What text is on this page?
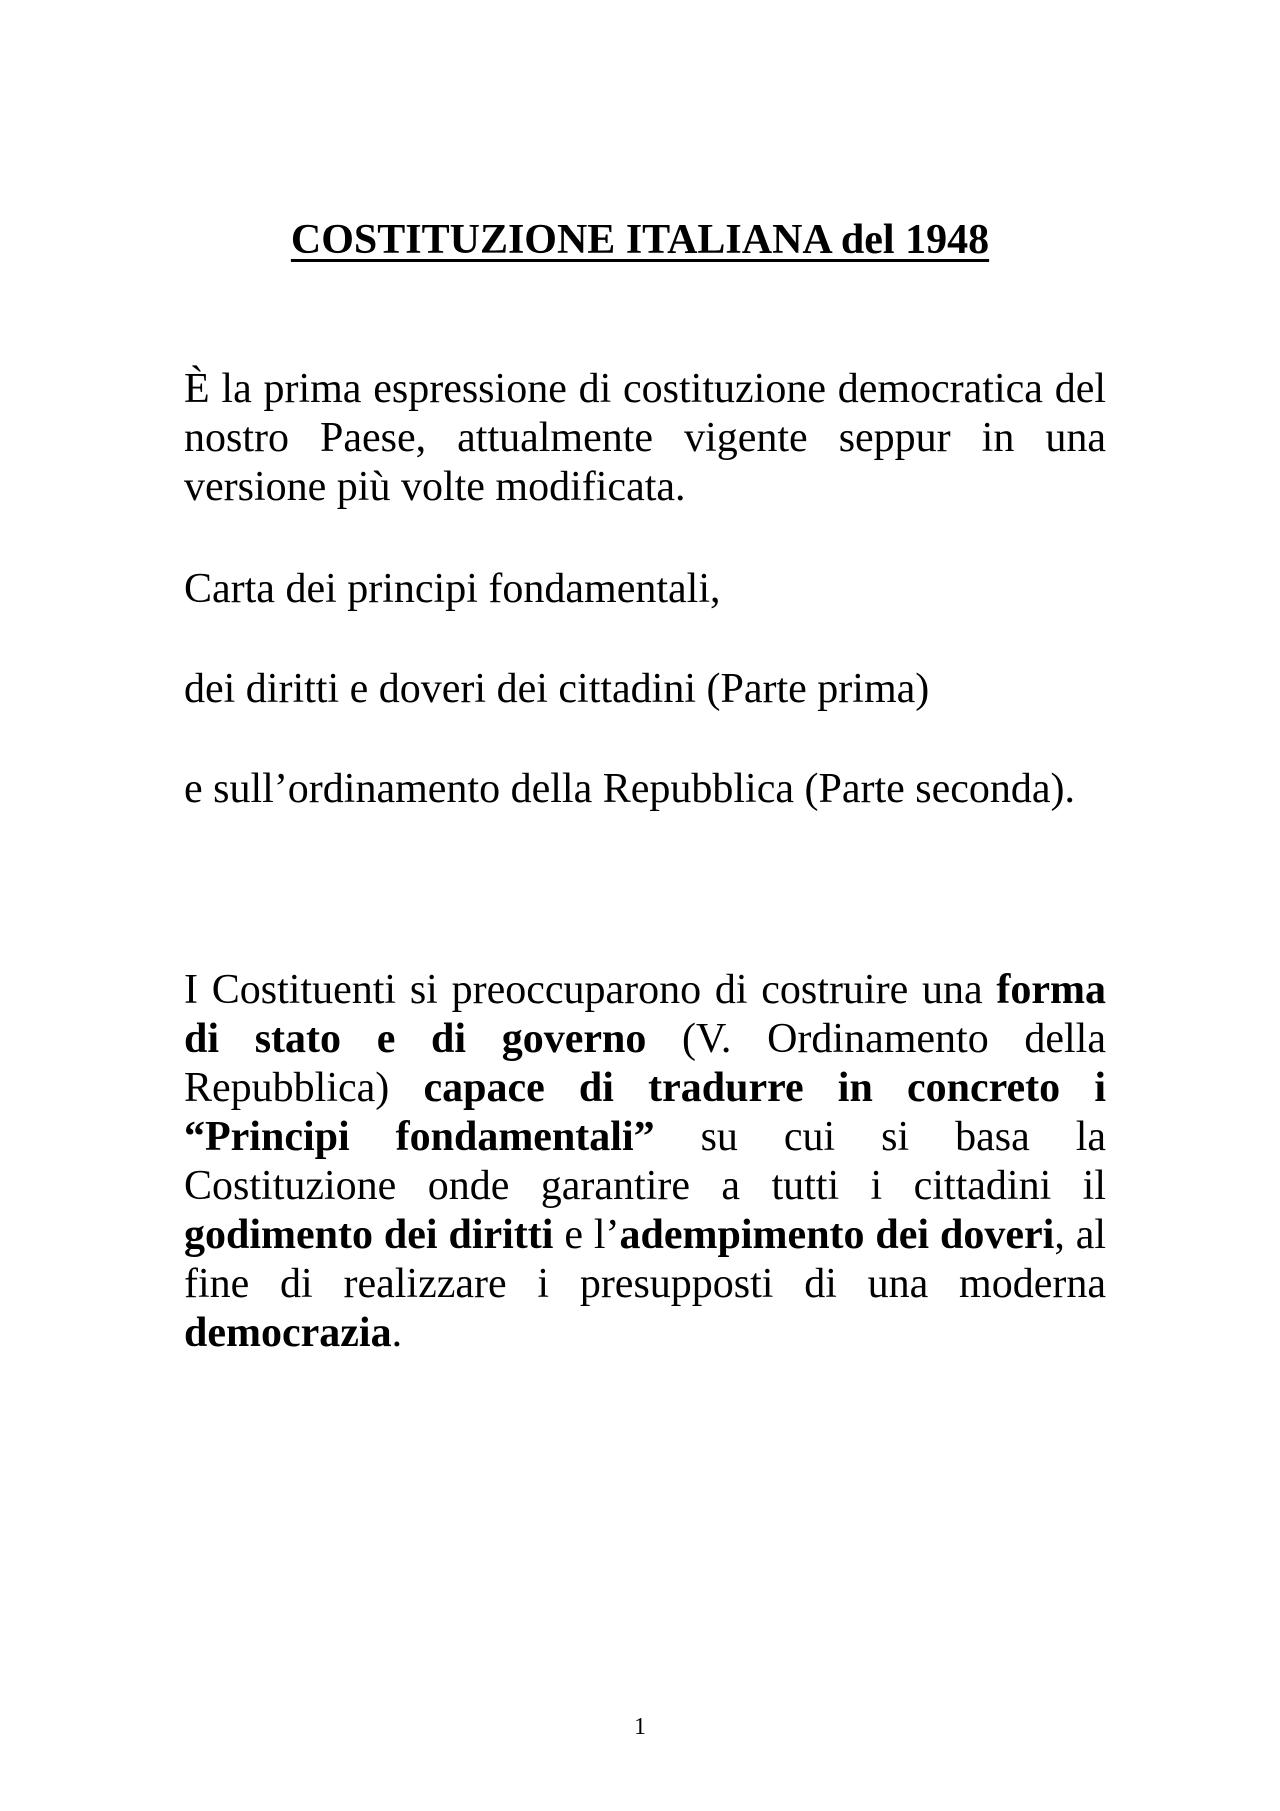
COSTITUZIONE ITALIANA del 1948
È la prima espressione di costituzione democratica del nostro Paese, attualmente vigente seppur in una versione più volte modificata.
Carta dei principi fondamentali,
dei diritti e doveri dei cittadini (Parte prima)
e sull’ordinamento della Repubblica (Parte seconda).
I Costituenti si preoccuparono di costruire una forma di stato e di governo (V. Ordinamento della Repubblica) capace di tradurre in concreto i “Principi fondamentali” su cui si basa la Costituzione onde garantire a tutti i cittadini il godimento dei diritti e l’adempimento dei doveri, al fine di realizzare i presupposti di una moderna democrazia.
1
